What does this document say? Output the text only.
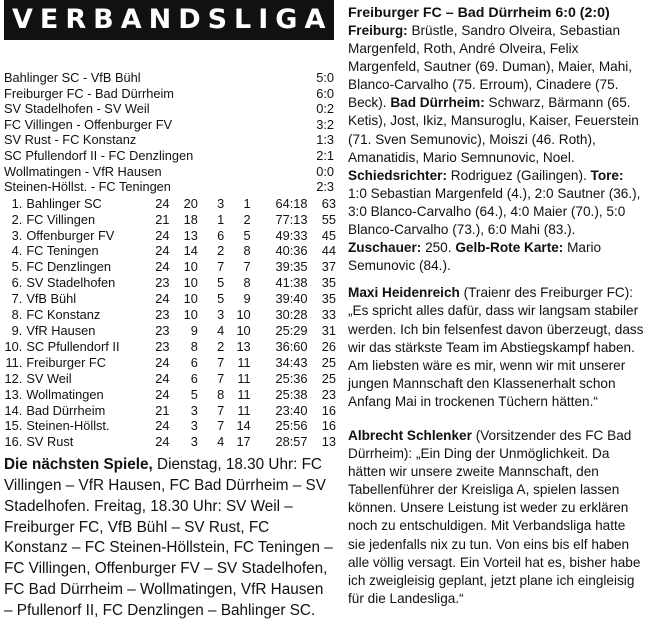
VERBANDSLIGA
Bahlinger SC - VfB Bühl	5:0
Freiburger FC - Bad Dürrheim	6:0
SV Stadelhofen - SV Weil	0:2
FC Villingen - Offenburger FV	3:2
SV Rust - FC Konstanz	1:3
SC Pfullendorf II - FC Denzlingen	2:1
Wollmatingen - VfR Hausen	0:0
Steinen-Höllst. - FC Teningen	2:3
1.	Bahlinger SC	24	20	3	1	64:18	63
2.	FC Villingen	21	18	1	2	77:13	55
3.	Offenburger FV	24	13	6	5	49:33	45
4.	FC Teningen	24	14	2	8	40:36	44
5.	FC Denzlingen	24	10	7	7	39:35	37
6.	SV Stadelhofen	23	10	5	8	41:38	35
7.	VfB Bühl	24	10	5	9	39:40	35
8.	FC Konstanz	23	10	3	10	30:28	33
9.	VfR Hausen	23	9	4	10	25:29	31
10.	SC Pfullendorf II	23	8	2	13	36:60	26
11.	Freiburger FC	24	6	7	11	34:43	25
12.	SV Weil	24	6	7	11	25:36	25
13.	Wollmatingen	24	5	8	11	25:38	23
14.	Bad Dürrheim	21	3	7	11	23:40	16
15.	Steinen-Höllst.	24	3	7	14	25:56	16
16.	SV Rust	24	3	4	17	28:57	13
Die nächsten Spiele, Dienstag, 18.30 Uhr: FC Villingen – VfR Hausen, FC Bad Dürrheim – SV Stadelhofen. Freitag, 18.30 Uhr: SV Weil – Freiburger FC, VfB Bühl – SV Rust, FC Konstanz – FC Steinen-Höllstein, FC Teningen – FC Villingen, Offenburger FV – SV Stadelhofen, FC Bad Dürrheim – Wollmatingen, VfR Hausen – Pfullenorf II, FC Denzlingen – Bahlinger SC.
Freiburger FC – Bad Dürrheim 6:0 (2:0)
Freiburg: Brüstle, Sandro Olveira, Sebastian Margenfeld, Roth, André Olveira, Felix Margenfeld, Sautner (69. Duman), Maier, Mahi, Blanco-Carvalho (75. Erroum), Cinadere (75. Beck). Bad Dürrheim: Schwarz, Bärmann (65. Ketis), Jost, Ikiz, Mansuroglu, Kaiser, Feuerstein (71. Sven Semunovic), Moiszi (46. Roth), Amanatidis, Mario Semnunovic, Noel. Schiedsrichter: Rodriguez (Gailingen). Tore: 1:0 Sebastian Margenfeld (4.), 2:0 Sautner (36.), 3:0 Blanco-Carvalho (64.), 4:0 Maier (70.), 5:0 Blanco-Carvalho (73.), 6:0 Mahi (83.). Zuschauer: 250. Gelb-Rote Karte: Mario Semunovic (84.).
Maxi Heidenreich (Traienr des Freiburger FC): „Es spricht alles dafür, dass wir langsam stabiler werden. Ich bin felsenfest davon überzeugt, dass wir das stärkste Team im Abstiegskampf haben. Am liebsten wäre es mir, wenn wir mit unserer jungen Mannschaft den Klassenerhalt schon Anfang Mai in trockenen Tüchern hätten.“
Albrecht Schlenker (Vorsitzender des FC Bad Dürrheim): „Ein Ding der Unmöglichkeit. Da hätten wir unsere zweite Mannschaft, den Tabellenführer der Kreisliga A, spielen lassen können. Unsere Leistung ist weder zu erklären noch zu entschuldigen. Mit Verbandsliga hatte sie jedenfalls nix zu tun. Von eins bis elf haben alle völlig versagt. Ein Vorteil hat es, bisher habe ich zweigleisig geplant, jetzt plane ich eingleisig für die Landesliga.“
